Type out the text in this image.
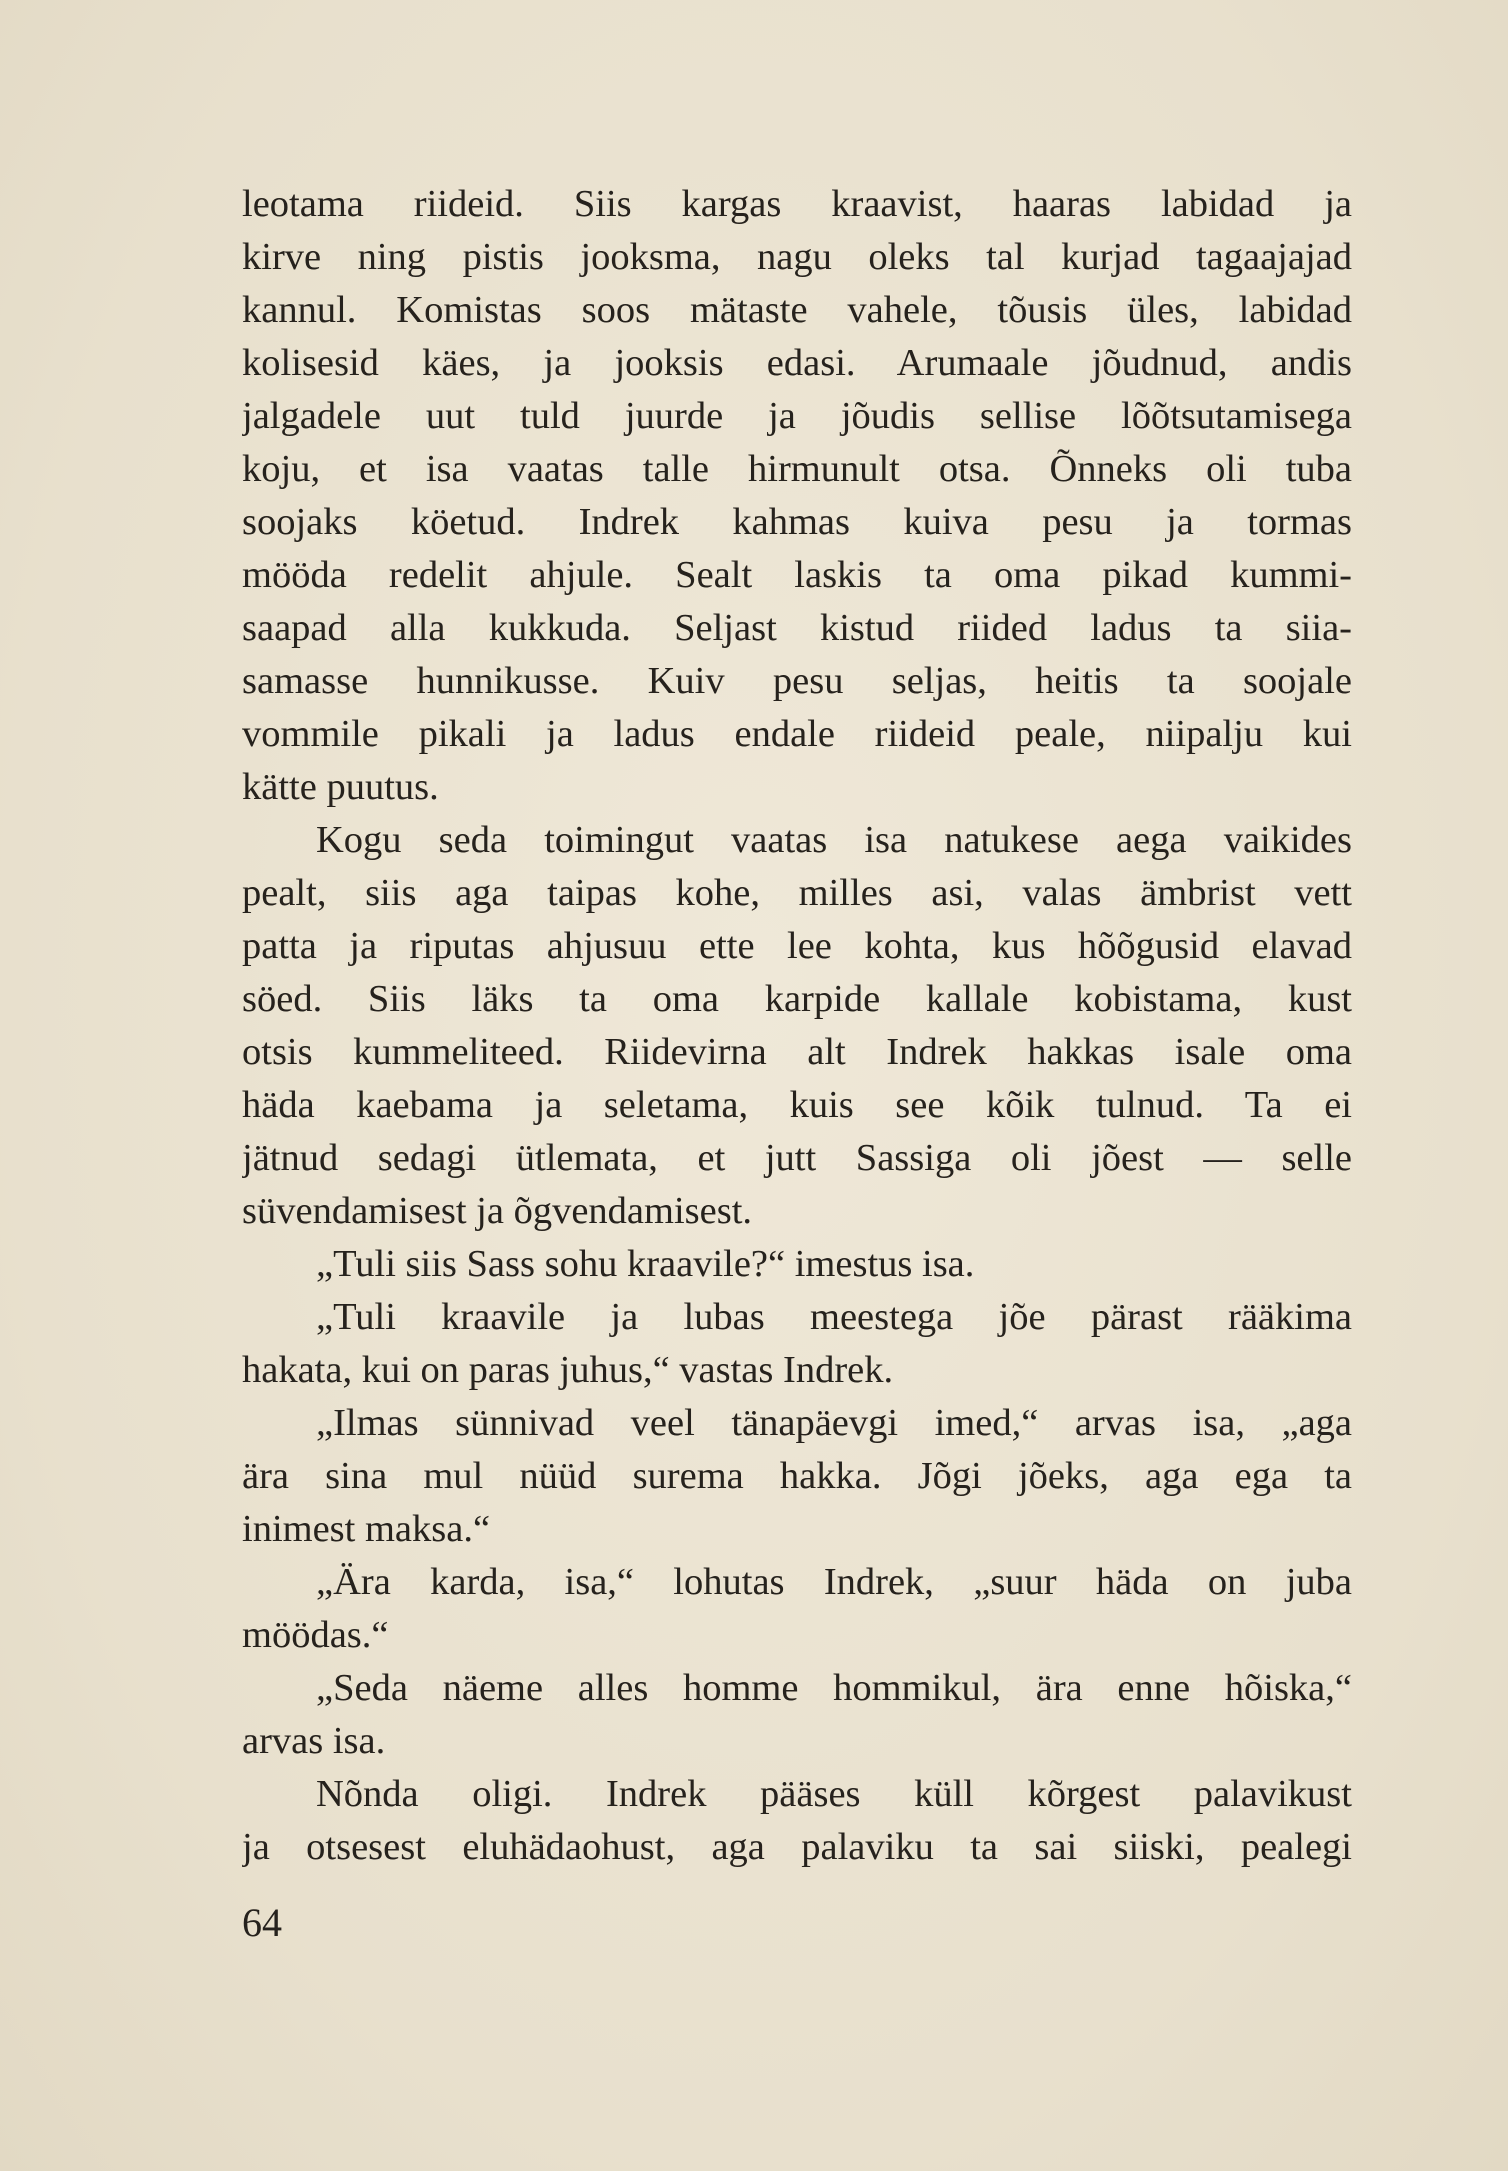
leotama riideid. Siis kargas kraavist, haaras labidad ja
kirve ning pistis jooksma, nagu oleks tal kurjad tagaajajad
kannul. Komistas soos mätaste vahele, tõusis üles, labidad
kolisesid käes, ja jooksis edasi. Arumaale jõudnud, andis
jalgadele uut tuld juurde ja jõudis sellise lõõtsutamisega
koju, et isa vaatas talle hirmunult otsa. Õnneks oli tuba
soojaks köetud. Indrek kahmas kuiva pesu ja tormas
mööda redelit ahjule. Sealt laskis ta oma pikad kummi-
saapad alla kukkuda. Seljast kistud riided ladus ta siia-
samasse hunnikusse. Kuiv pesu seljas, heitis ta soojale
vommile pikali ja ladus endale riideid peale, niipalju kui
kätte puutus.
Kogu seda toimingut vaatas isa natukese aega vaikides
pealt, siis aga taipas kohe, milles asi, valas ämbrist vett
patta ja riputas ahjusuu ette lee kohta, kus hõõgusid elavad
söed. Siis läks ta oma karpide kallale kobistama, kust
otsis kummeliteed. Riidevirna alt Indrek hakkas isale oma
häda kaebama ja seletama, kuis see kõik tulnud. Ta ei
jätnud sedagi ütlemata, et jutt Sassiga oli jõest — selle
süvendamisest ja õgvendamisest.
„Tuli siis Sass sohu kraavile?“ imestus isa.
„Tuli kraavile ja lubas meestega jõe pärast rääkima
hakata, kui on paras juhus,“ vastas Indrek.
„Ilmas sünnivad veel tänapäevgi imed,“ arvas isa, „aga
ära sina mul nüüd surema hakka. Jõgi jõeks, aga ega ta
inimest maksa.“
„Ära karda, isa,“ lohutas Indrek, „suur häda on juba
möödas.“
„Seda näeme alles homme hommikul, ära enne hõiska,“
arvas isa.
Nõnda oligi. Indrek pääses küll kõrgest palavikust
ja otsesest eluhädaohust, aga palaviku ta sai siiski, pealegi
64
